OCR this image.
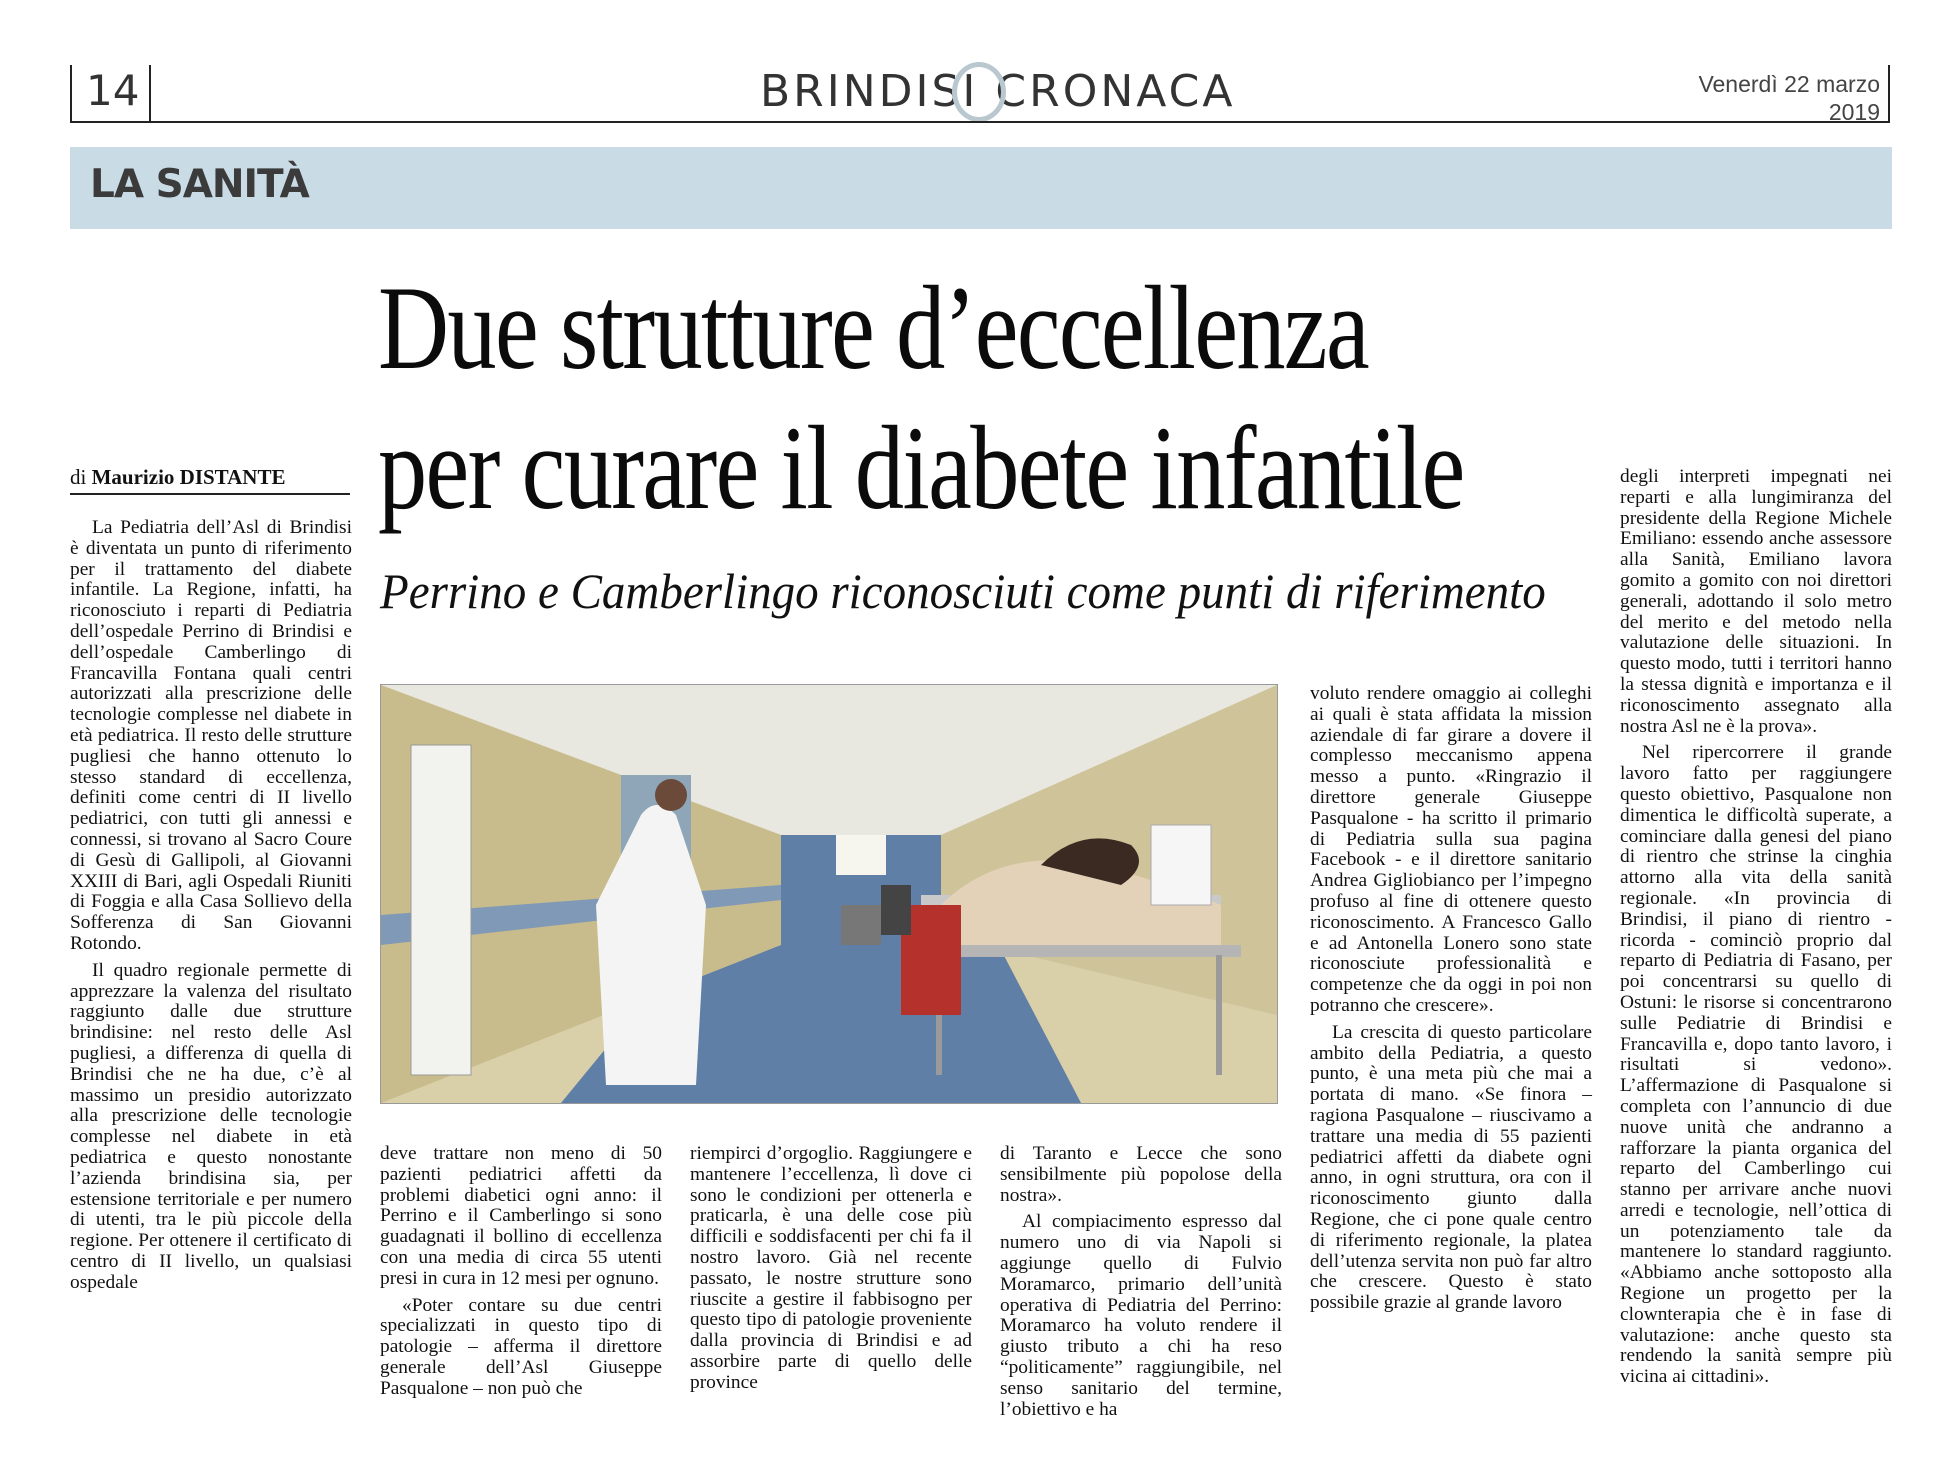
14	BRINDISI CRONACA	Venerdì 22 marzo
2019
LA SANITÀ
Due strutture d’eccellenza
per curare il diabete infantile
Perrino e Camberlingo riconosciuti come punti di riferimento
di Maurizio DISTANTE

La Pediatria dell’Asl di Brindisi è diventata un punto di riferimento per il trattamento del diabete infantile. La Regione, infatti, ha riconosciuto i reparti di Pediatria dell’ospedale Perrino di Brindisi e dell’ospedale Camberlingo di Francavilla Fontana quali centri autorizzati alla prescrizione delle tecnologie complesse nel diabete in età pediatrica. Il resto delle strutture pugliesi che hanno ottenuto lo stesso standard di eccellenza, definiti come centri di II livello pediatrici, con tutti gli annessi e connessi, si trovano al Sacro Coure di Gesù di Gallipoli, al Giovanni XXIII di Bari, agli Ospedali Riuniti di Foggia e alla Casa Sollievo della Sofferenza di San Giovanni Rotondo.

Il quadro regionale permette di apprezzare la valenza del risultato raggiunto dalle due strutture brindisine: nel resto delle Asl pugliesi, a differenza di quella di Brindisi che ne ha due, c’è al massimo un presidio autorizzato alla prescrizione delle tecnologie complesse nel diabete in età pediatrica e questo nonostante l’azienda brindisina sia, per estensione territoriale e per numero di utenti, tra le più piccole della regione. Per ottenere il certificato di centro di II livello, un qualsiasi ospedale

deve trattare non meno di 50 pazienti pediatrici affetti da problemi diabetici ogni anno: il Perrino e il Camberlingo si sono guadagnati il bollino di eccellenza con una media di circa 55 utenti presi in cura in 12 mesi per ognuno.

«Poter contare su due centri specializzati in questo tipo di patologie – afferma il direttore generale dell’Asl Giuseppe Pasqualone – non può che

riempirci d’orgoglio. Raggiungere e mantenere l’eccellenza, lì dove ci sono le condizioni per ottenerla e praticarla, è una delle cose più difficili e soddisfacenti per chi fa il nostro lavoro. Già nel recente passato, le nostre strutture sono riuscite a gestire il fabbisogno per questo tipo di patologie proveniente dalla provincia di Brindisi e ad assorbire parte di quello delle province

di Taranto e Lecce che sono sensibilmente più popolose della nostra».

Al compiacimento espresso dal numero uno di via Napoli si aggiunge quello di Fulvio Moramarco, primario dell’unità operativa di Pediatria del Perrino: Moramarco ha voluto rendere il giusto tributo a chi ha reso “politicamente” raggiungibile, nel senso sanitario del termine, l’obiettivo e ha

voluto rendere omaggio ai colleghi ai quali è stata affidata la mission aziendale di far girare a dovere il complesso meccanismo appena messo a punto. «Ringrazio il direttore generale Giuseppe Pasqualone - ha scritto il primario di Pediatria sulla sua pagina Facebook - e il direttore sanitario Andrea Gigliobianco per l’impegno profuso al fine di ottenere questo riconoscimento. A Francesco Gallo e ad Antonella Lonero sono state riconosciute professionalità e competenze che da oggi in poi non potranno che crescere».

La crescita di questo particolare ambito della Pediatria, a questo punto, è una meta più che mai a portata di mano. «Se finora – ragiona Pasqualone – riuscivamo a trattare una media di 55 pazienti pediatrici affetti da diabete ogni anno, in ogni struttura, ora con il riconoscimento giunto dalla Regione, che ci pone quale centro di riferimento regionale, la platea dell’utenza servita non può far altro che crescere. Questo è stato possibile grazie al grande lavoro

degli interpreti impegnati nei reparti e alla lungimiranza del presidente della Regione Michele Emiliano: essendo anche assessore alla Sanità, Emiliano lavora gomito a gomito con noi direttori generali, adottando il solo metro del merito e del metodo nella valutazione delle situazioni. In questo modo, tutti i territori hanno la stessa dignità e importanza e il riconoscimento assegnato alla nostra Asl ne è la prova».

Nel ripercorrere il grande lavoro fatto per raggiungere questo obiettivo, Pasqualone non dimentica le difficoltà superate, a cominciare dalla genesi del piano di rientro che strinse la cinghia attorno alla vita della sanità regionale. «In provincia di Brindisi, il piano di rientro - ricorda - cominciò proprio dal reparto di Pediatria di Fasano, per poi concentrarsi su quello di Ostuni: le risorse si concentrarono sulle Pediatrie di Brindisi e Francavilla e, dopo tanto lavoro, i risultati si vedono». L’affermazione di Pasqualone si completa con l’annuncio di due nuove unità che andranno a rafforzare la pianta organica del reparto del Camberlingo cui stanno per arrivare anche nuovi arredi e tecnologie, nell’ottica di un potenziamento tale da mantenere lo standard raggiunto. «Abbiamo anche sottoposto alla Regione un progetto per la clownterapia che è in fase di valutazione: anche questo sta rendendo la sanità sempre più vicina ai cittadini».
